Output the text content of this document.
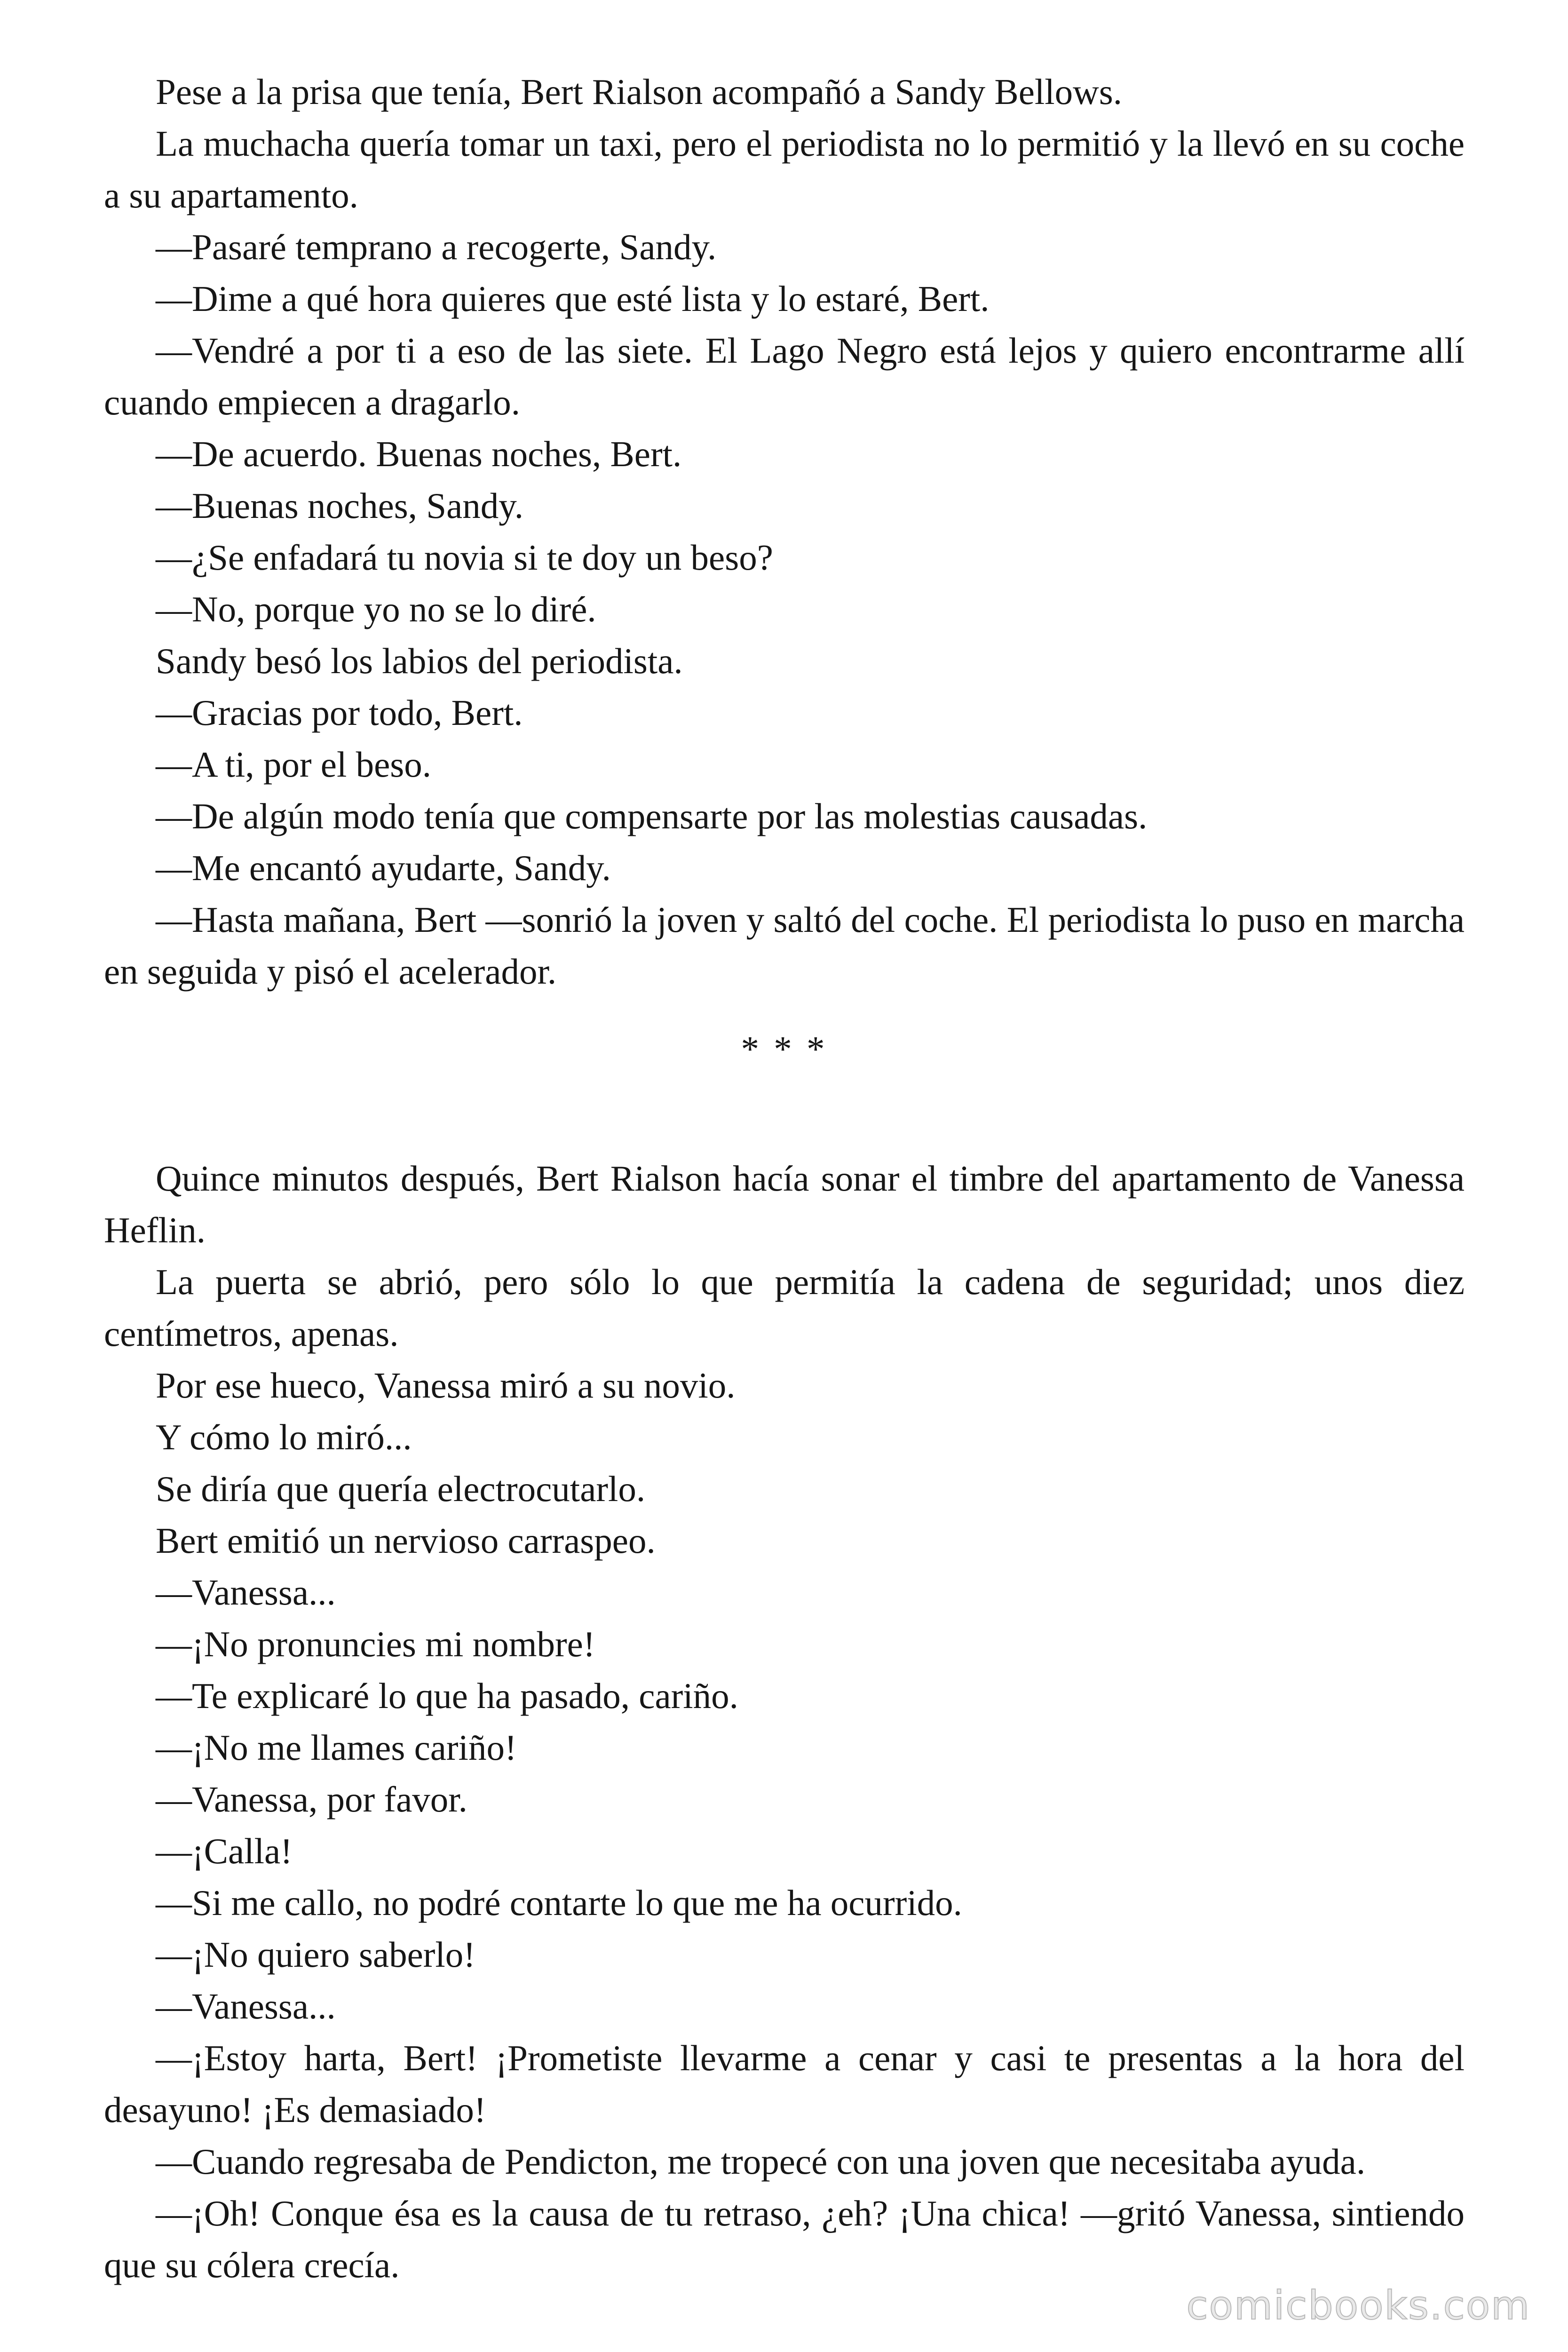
Pese a la prisa que tenía, Bert Rialson acompañó a Sandy Bellows.

La muchacha quería tomar un taxi, pero el periodista no lo permitió y la llevó en su coche a su apartamento.

—Pasaré temprano a recogerte, Sandy.

—Dime a qué hora quieres que esté lista y lo estaré, Bert.

—Vendré a por ti a eso de las siete. El Lago Negro está lejos y quiero encontrarme allí cuando empiecen a dragarlo.

—De acuerdo. Buenas noches, Bert.

—Buenas noches, Sandy.

—¿Se enfadará tu novia si te doy un beso?

—No, porque yo no se lo diré.

Sandy besó los labios del periodista.

—Gracias por todo, Bert.

—A ti, por el beso.

—De algún modo tenía que compensarte por las molestias causadas.

—Me encantó ayudarte, Sandy.

—Hasta mañana, Bert —sonrió la joven y saltó del coche. El periodista lo puso en marcha en seguida y pisó el acelerador.

* * *

Quince minutos después, Bert Rialson hacía sonar el timbre del apartamento de Vanessa Heflin.

La puerta se abrió, pero sólo lo que permitía la cadena de seguridad; unos diez centímetros, apenas.

Por ese hueco, Vanessa miró a su novio.

Y cómo lo miró...

Se diría que quería electrocutarlo.

Bert emitió un nervioso carraspeo.

—Vanessa...

—¡No pronuncies mi nombre!

—Te explicaré lo que ha pasado, cariño.

—¡No me llames cariño!

—Vanessa, por favor.

—¡Calla!

—Si me callo, no podré contarte lo que me ha ocurrido.

—¡No quiero saberlo!

—Vanessa...

—¡Estoy harta, Bert! ¡Prometiste llevarme a cenar y casi te presentas a la hora del desayuno! ¡Es demasiado!

—Cuando regresaba de Pendicton, me tropecé con una joven que necesitaba ayuda.

—¡Oh! Conque ésa es la causa de tu retraso, ¿eh? ¡Una chica! —gritó Vanessa, sintiendo que su cólera crecía.

comicbooks.com
